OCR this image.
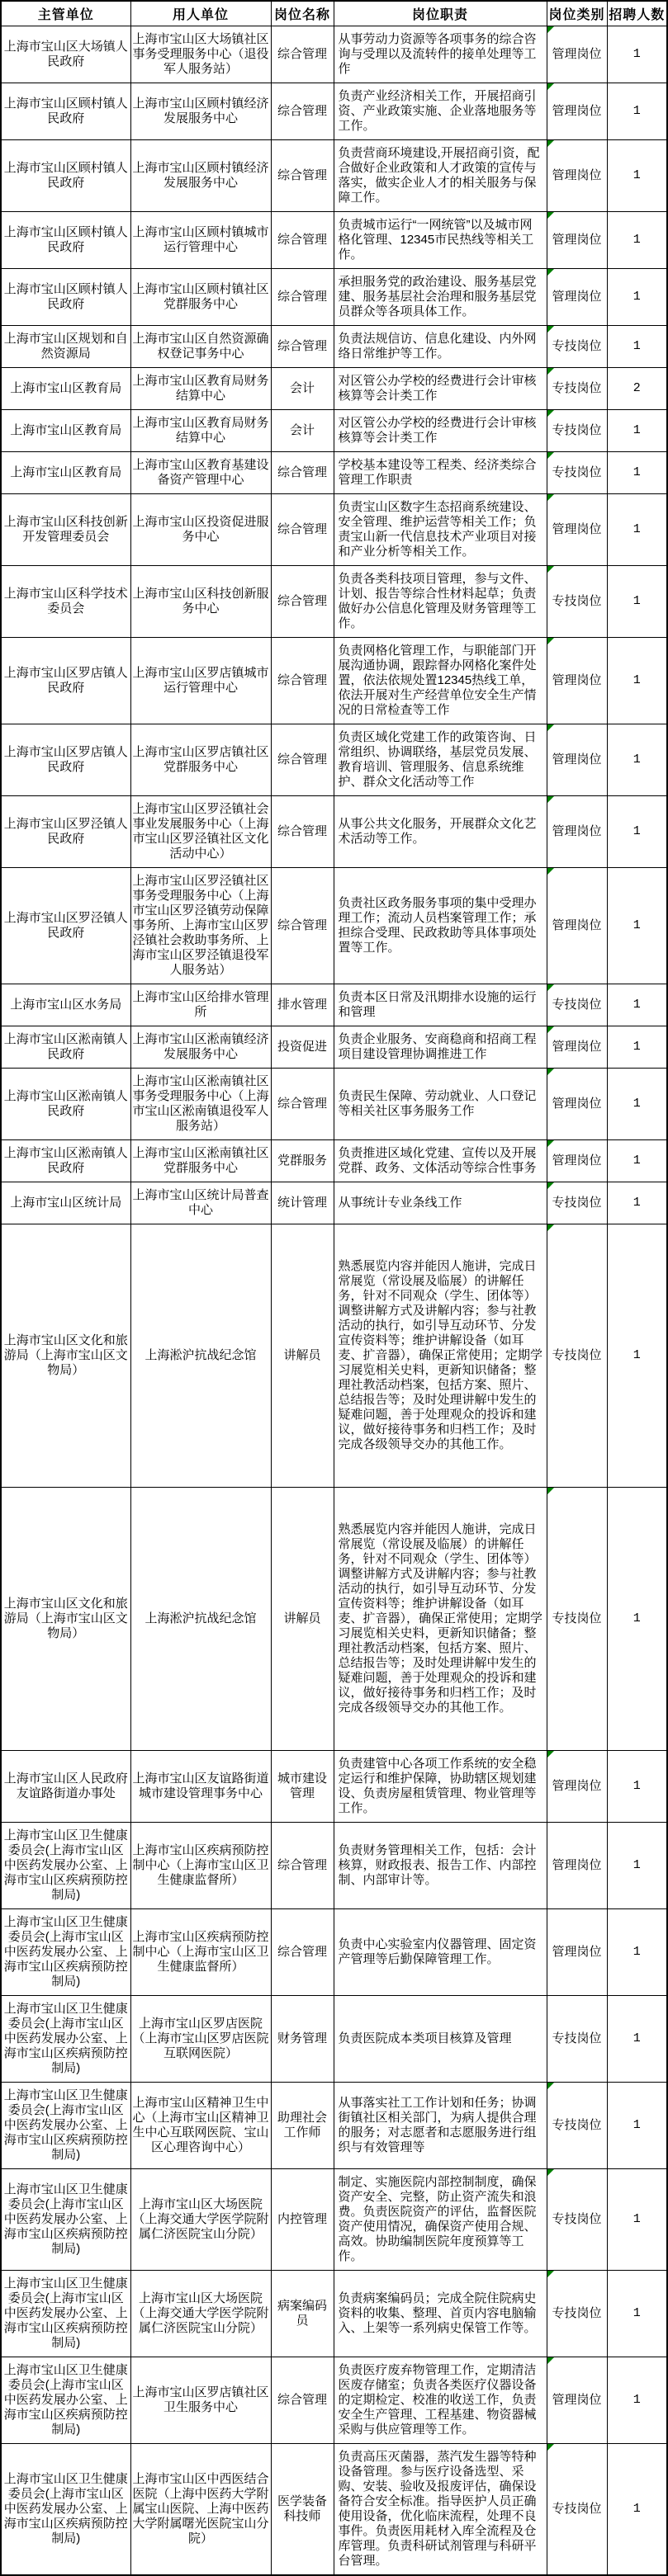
主管单位	用人单位	岗位名称	岗位职责	岗位类别	招聘人数
上海市宝山区大场镇人民政府	上海市宝山区大场镇社区事务受理服务中心（退役军人服务站）	综合管理	从事劳动力资源等各项事务的综合咨询与受理以及流转件的接单处理等工作	管理岗位	1
上海市宝山区顾村镇人民政府	上海市宝山区顾村镇经济发展服务中心	综合管理	负责产业经济相关工作，开展招商引资、产业政策实施、企业落地服务等工作。	管理岗位	1
上海市宝山区顾村镇人民政府	上海市宝山区顾村镇经济发展服务中心	综合管理	负责营商环境建设,开展招商引资，配合做好企业政策和人才政策的宣传与落实，做实企业人才的相关服务与保障工作。	管理岗位	1
上海市宝山区顾村镇人民政府	上海市宝山区顾村镇城市运行管理中心	综合管理	负责城市运行“一网统管”以及城市网格化管理、12345市民热线等相关工作。	管理岗位	1
上海市宝山区顾村镇人民政府	上海市宝山区顾村镇社区党群服务中心	综合管理	承担服务党的政治建设、服务基层党建、服务基层社会治理和服务基层党员群众等各项具体工作。	管理岗位	1
上海市宝山区规划和自然资源局	上海市宝山区自然资源确权登记事务中心	综合管理	负责法规信访、信息化建设、内外网络日常维护等工作。	专技岗位	1
上海市宝山区教育局	上海市宝山区教育局财务结算中心	会计	对区管公办学校的经费进行会计审核核算等会计类工作	专技岗位	2
上海市宝山区教育局	上海市宝山区教育局财务结算中心	会计	对区管公办学校的经费进行会计审核核算等会计类工作	专技岗位	1
上海市宝山区教育局	上海市宝山区教育基建设备资产管理中心	综合管理	学校基本建设等工程类、经济类综合管理工作职责	专技岗位	1
上海市宝山区科技创新开发管理委员会	上海市宝山区投资促进服务中心	综合管理	负责宝山区数字生态招商系统建设、安全管理、维护运营等相关工作；负责宝山新一代信息技术产业项目对接和产业分析等相关工作。	管理岗位	1
上海市宝山区科学技术委员会	上海市宝山区科技创新服务中心	综合管理	负责各类科技项目管理，参与文件、计划、报告等综合性材料起草；负责做好办公信息化管理及财务管理等工作。	专技岗位	1
上海市宝山区罗店镇人民政府	上海市宝山区罗店镇城市运行管理中心	综合管理	负责网格化管理工作，与职能部门开展沟通协调，跟踪督办网格化案件处置，依法依规处置12345热线工单，依法开展对生产经营单位安全生产情况的日常检查等工作	管理岗位	1
上海市宝山区罗店镇人民政府	上海市宝山区罗店镇社区党群服务中心	综合管理	负责区域化党建工作的政策咨询、日常组织、协调联络，基层党员发展、教育培训、管理服务、信息系统维护、群众文化活动等工作	管理岗位	1
上海市宝山区罗泾镇人民政府	上海市宝山区罗泾镇社会事业发展服务中心（上海市宝山区罗泾镇社区文化活动中心）	综合管理	从事公共文化服务，开展群众文化艺术活动等工作。	管理岗位	1
上海市宝山区罗泾镇人民政府	上海市宝山区罗泾镇社区事务受理服务中心（上海市宝山区罗泾镇劳动保障事务所、上海市宝山区罗泾镇社会救助事务所、上海市宝山区罗泾镇退役军人服务站）	综合管理	负责社区政务服务事项的集中受理办理工作；流动人员档案管理工作；承担综合受理、民政救助等具体事项处置等工作。	管理岗位	1
上海市宝山区水务局	上海市宝山区给排水管理所	排水管理	负责本区日常及汛期排水设施的运行和管理	专技岗位	1
上海市宝山区淞南镇人民政府	上海市宝山区淞南镇经济发展服务中心	投资促进	负责企业服务、安商稳商和招商工程项目建设管理协调推进工作	管理岗位	1
上海市宝山区淞南镇人民政府	上海市宝山区淞南镇社区事务受理服务中心（上海市宝山区淞南镇退役军人服务站）	综合管理	负责民生保障、劳动就业、人口登记等相关社区事务服务工作	管理岗位	1
上海市宝山区淞南镇人民政府	上海市宝山区淞南镇社区党群服务中心	党群服务	负责推进区域化党建、宣传以及开展党群、政务、文体活动等综合性事务	管理岗位	1
上海市宝山区统计局	上海市宝山区统计局普查中心	统计管理	从事统计专业条线工作	专技岗位	1
上海市宝山区文化和旅游局（上海市宝山区文物局）	上海淞沪抗战纪念馆	讲解员	熟悉展览内容并能因人施讲，完成日常展览（常设展及临展）的讲解任务，针对不同观众（学生、团体等）调整讲解方式及讲解内容；参与社教活动的执行，如引导互动环节、分发宣传资料等；维护讲解设备（如耳麦、扩音器），确保正常使用；定期学习展览相关史料，更新知识储备；整理社教活动档案，包括方案、照片、总结报告等；及时处理讲解中发生的疑难问题，善于处理观众的投诉和建议，做好接待事务和归档工作；及时完成各级领导交办的其他工作。	专技岗位	1
上海市宝山区文化和旅游局（上海市宝山区文物局）	上海淞沪抗战纪念馆	讲解员	熟悉展览内容并能因人施讲，完成日常展览（常设展及临展）的讲解任务，针对不同观众（学生、团体等）调整讲解方式及讲解内容；参与社教活动的执行，如引导互动环节、分发宣传资料等；维护讲解设备（如耳麦、扩音器），确保正常使用；定期学习展览相关史料，更新知识储备；整理社教活动档案，包括方案、照片、总结报告等；及时处理讲解中发生的疑难问题，善于处理观众的投诉和建议，做好接待事务和归档工作；及时完成各级领导交办的其他工作。	专技岗位	1
上海市宝山区人民政府友谊路街道办事处	上海市宝山区友谊路街道城市建设管理事务中心	城市建设管理	负责建管中心各项工作系统的安全稳定运行和维护保障，协助辖区规划建设、负责房屋租赁管理、物业管理等工作。	管理岗位	1
上海市宝山区卫生健康委员会(上海市宝山区中医药发展办公室、上海市宝山区疾病预防控制局)	上海市宝山区疾病预防控制中心（上海市宝山区卫生健康监督所）	综合管理	负责财务管理相关工作，包括：会计核算，财政报表、报告工作、内部控制、内部审计等。	管理岗位	1
上海市宝山区卫生健康委员会(上海市宝山区中医药发展办公室、上海市宝山区疾病预防控制局)	上海市宝山区疾病预防控制中心（上海市宝山区卫生健康监督所）	综合管理	负责中心实验室内仪器管理、固定资产管理等后勤保障管理工作。	管理岗位	1
上海市宝山区卫生健康委员会(上海市宝山区中医药发展办公室、上海市宝山区疾病预防控制局)	上海市宝山区罗店医院（上海市宝山区罗店医院互联网医院）	财务管理	负责医院成本类项目核算及管理	专技岗位	1
上海市宝山区卫生健康委员会(上海市宝山区中医药发展办公室、上海市宝山区疾病预防控制局)	上海市宝山区精神卫生中心（上海市宝山区精神卫生中心互联网医院、宝山区心理咨询中心）	助理社会工作师	从事落实社工工作计划和任务；协调街镇社区相关部门，为病人提供合理的服务；对志愿者和志愿服务进行组织与有效管理等	专技岗位	1
上海市宝山区卫生健康委员会(上海市宝山区中医药发展办公室、上海市宝山区疾病预防控制局)	上海市宝山区大场医院（上海交通大学医学院附属仁济医院宝山分院）	内控管理	制定、实施医院内部控制制度，确保资产安全、完整，防止资产流失和浪费。负责医院资产的评估，监督医院资产使用情况，确保资产使用合规、高效。协助编制医院年度预算等工作。	专技岗位	1
上海市宝山区卫生健康委员会(上海市宝山区中医药发展办公室、上海市宝山区疾病预防控制局)	上海市宝山区大场医院（上海交通大学医学院附属仁济医院宝山分院）	病案编码员	负责病案编码员；完成全院住院病史资料的收集、整理、首页内容电脑输入、上架等一系列病史保管工作等。	专技岗位	1
上海市宝山区卫生健康委员会(上海市宝山区中医药发展办公室、上海市宝山区疾病预防控制局)	上海市宝山区罗店镇社区卫生服务中心	综合管理	负责医疗废弃物管理工作，定期清洁医废存储室；负责各类医疗仪器设备的定期检定、校准的收送工作，负责安全生产管理、工程基建、物资器械采购与供应管理等工作。	管理岗位	1
上海市宝山区卫生健康委员会(上海市宝山区中医药发展办公室、上海市宝山区疾病预防控制局)	上海市宝山区中西医结合医院（上海中医药大学附属宝山医院、上海中医药大学附属曙光医院宝山分院）	医学装备科技师	负责高压灭菌器，蒸汽发生器等特种设备管理。参与医疗设备选型、采购、安装、验收及报废评估，确保设备符合安全标准。指导医护人员正确使用设备，优化临床流程，处理不良事件。负责医用耗材入库全流程及仓库管理。负责科研试剂管理与科研平台管理。	专技岗位	1
